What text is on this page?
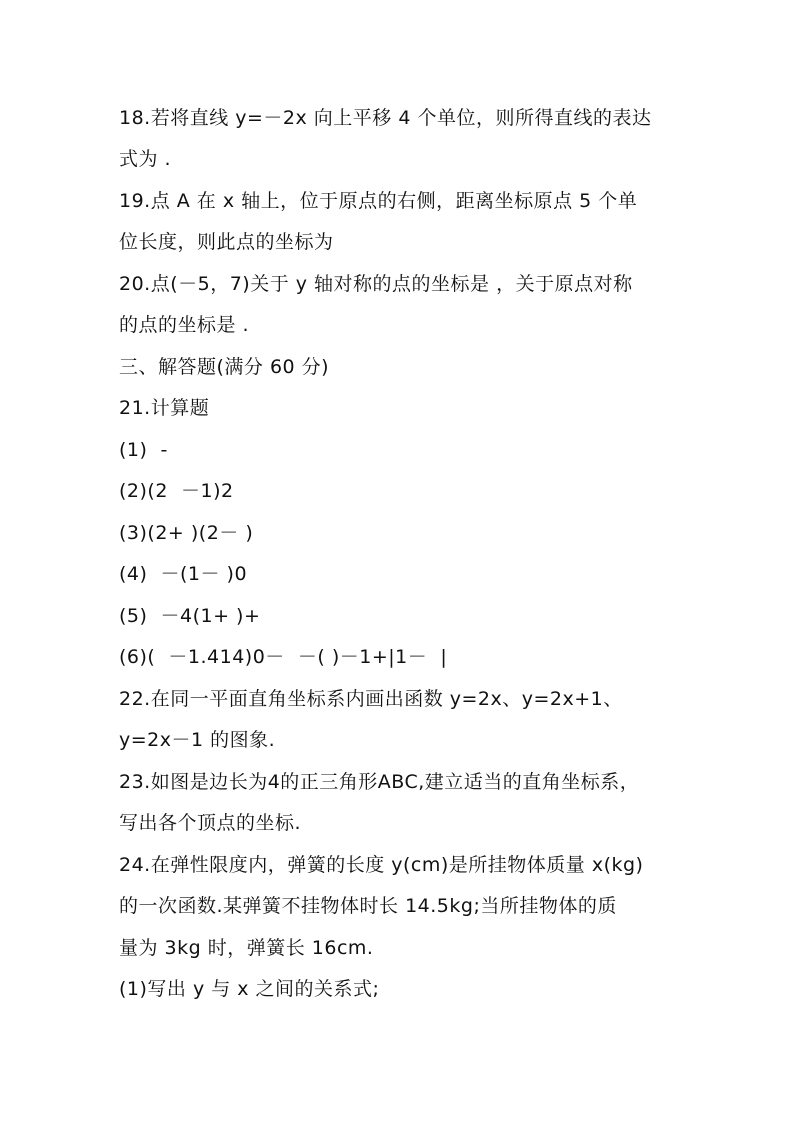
18.若将直线 y=－2x 向上平移 4 个单位，则所得直线的表达
式为 .
19.点 A 在 x 轴上，位于原点的右侧，距离坐标原点 5 个单
位长度，则此点的坐标为
20.点(－5，7)关于 y 轴对称的点的坐标是 ，关于原点对称
的点的坐标是 .
三、解答题(满分 60 分)
21.计算题
(1)  -
(2)(2  －1)2
(3)(2+ )(2－ )
(4)  －(1－ )0
(5)  －4(1+ )+
(6)(  －1.414)0－  －( )－1+|1－  |
22.在同一平面直角坐标系内画出函数 y=2x、y=2x+1、
y=2x－1 的图象.
23.如图是边长为4的正三角形ABC,建立适当的直角坐标系，
写出各个顶点的坐标.
24.在弹性限度内，弹簧的长度 y(cm)是所挂物体质量 x(kg)
的一次函数.某弹簧不挂物体时长 14.5kg;当所挂物体的质
量为 3kg 时，弹簧长 16cm.
(1)写出 y 与 x 之间的关系式;
